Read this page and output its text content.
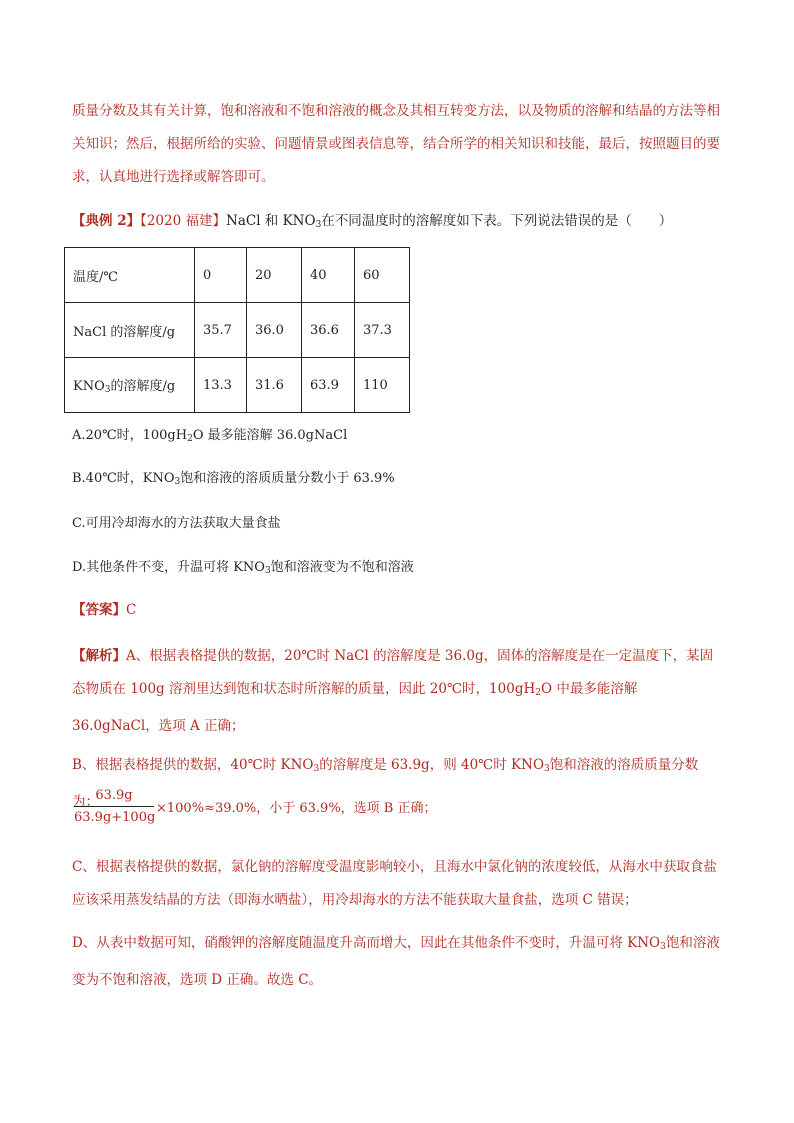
质量分数及其有关计算，饱和溶液和不饱和溶液的概念及其相互转变方法，以及物质的溶解和结晶的方法等相关知识；然后，根据所给的实验、问题情景或图表信息等，结合所学的相关知识和技能，最后，按照题目的要求，认真地进行选择或解答即可。

【典例 2】【2020 福建】NaCl 和 $KNO_3$在不同温度时的溶解度如下表。下列说法错误的是（　　）

温度/℃	0	20	40	60
NaCl 的溶解度/g	35.7	36.0	36.6	37.3
$KNO_3$的溶解度/g	13.3	31.6	63.9	110
A.20℃时，$100gH_2O$ 最多能溶解 36.0gNaCl
B.40℃时，$KNO_3$饱和溶液的溶质质量分数小于 63.9%
C.可用冷却海水的方法获取大量食盐
D.其他条件不变，升温可将 $KNO_3$饱和溶液变为不饱和溶液
【答案】C

【解析】A、根据表格提供的数据，20℃时 NaCl 的溶解度是 36.0g，固体的溶解度是在一定温度下，某固态物质在 100g 溶剂里达到饱和状态时所溶解的质量，因此 20℃时，$100gH_2O$ 中最多能溶解 36.0gNaCl，选项 A 正确；

B、根据表格提供的数据，40℃时 $KNO_3$的溶解度是 63.9g，则 40℃时 $KNO_3$饱和溶液的溶质质量分数为：

$\frac{63.9g}{63.9g+100g} \times 100\%\approx 39.0\%$，小于 63.9%，选项 B 正确；

C、根据表格提供的数据，氯化钠的溶解度受温度影响较小，且海水中氯化钠的浓度较低，从海水中获取食盐应该采用蒸发结晶的方法（即海水晒盐），用冷却海水的方法不能获取大量食盐，选项 C 错误；

D、从表中数据可知，硝酸钾的溶解度随温度升高而增大，因此在其他条件不变时，升温可将 $KNO_3$饱和溶液变为不饱和溶液，选项 D 正确。故选 C。
